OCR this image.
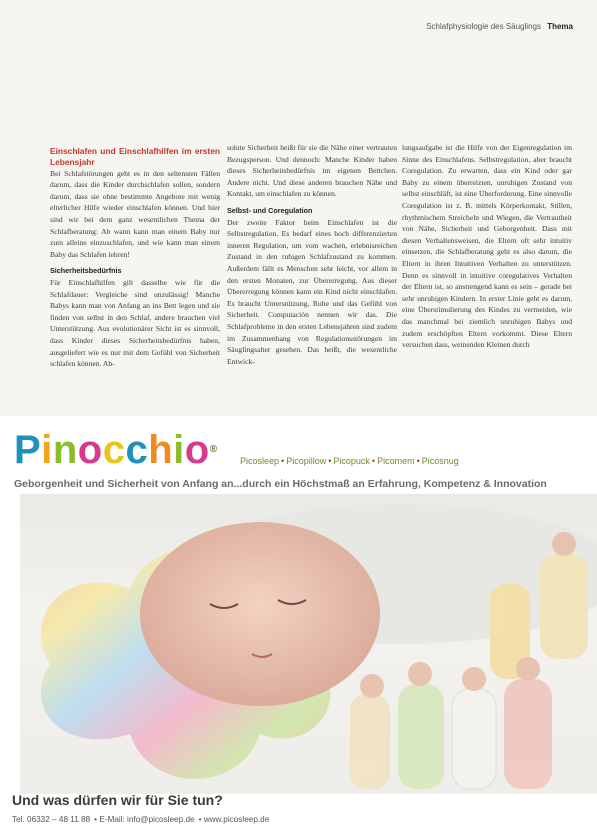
Schlafphysiologie des Säuglings Thema
Einschlafen und Einschlafhilfen im ersten Lebensjahr

Bei Schlafstörungen geht es in den seltensten Fällen darum, dass die Kinder durchschlafen sollen, sondern darum, dass sie ohne bestimmte Angebote mit wenig elterlicher Hilfe wieder einschlafen können. Und hier sind wir bei dem ganz wesentlichen Thema der Schlafberatung: Ab wann kann man einem Baby nur zum alleine einzuschlafen, und wie kann man einem Baby das Schlafen lehren!

Sicherheitsbedürfnis

Für Einschlafhilfen gilt dasselbe wie für die Schlafdauer: Vergleiche sind unzulässig! Manche Babys kann man von Anfang an ins Bett legen und sie finden von selbst in den Schlaf, andere brauchen viel Unterstützung. Aus evolutionärer Sicht ist es sinnvoll, dass Kinder dieses Sicherheitsbedürfnis haben, ausgeliefert wie es nur mit dem Gefühl von Sicherheit schlafen können. Ab-

solute Sicherheit heißt für sie die Nähe einer vertrauten Bezugsperson. Und dennoch: Manche Kinder haben dieses Sicherheitsbedürfnis im eigenen Bettchen. Andere nicht. Und diese anderen brauchen Nähe und Kontakt, um einschlafen zu können.

Selbst- und Coregulation

Der zweite Faktor beim Einschlafen ist die Selbstregulation. Es bedarf eines hoch differenzierten inneren Regulation, um vom wachen, erlebnisreichen Zustand in den ruhigen Schlafzustand zu kommen. Außerdem fällt es Menschen sehr leicht, vor allem in den ersten Monaten, zur Übererregung. Aus dieser Übererregung können kann ein Kind nicht einschlafen. Es braucht Unterstützung, Ruhe und das Gefühl von Sicherheit. Computación nennen wir das. Die Schlafprobleme in den ersten Lebensjahren sind zudem im Zusammenhang von Regulationsstörungen im Säuglingsalter gesehen. Das heißt, die wesentliche Entwick-

lungsaufgabe ist die Hilfe von der Eigenregulation im Sinne des Einschlafens. Selbstregulation, aber braucht Coregulation. Zu erwarten, dass ein Kind oder gar Baby zu einem überreizten, unruhigen Zustand von selbst einschläft, ist eine Überforderung. Eine sinnvolle Coregulation ist z. B. mittels Körperkontakt, Stillen, rhythmischem Streicheln und Wiegen, die Vertrautheit von Nähe, Sicherheit und Geborgenheit. Dass mit diesen Verhaltensweisen, die Eltern oft sehr intuitiv einsetzen, die Schlafberatung geht es also darum, die Eltern in ihren Intuitiven Verhalten zu unterstützen. Denn es sinnvoll in intuitive coregulatives Verhalten der Eltern ist, so anstrengend kann es sein – gerade bei sehr unruhigen Kindern. In erster Linie geht es darum, eine Überstimulierung des Kindes zu vermeiden, wie das manchmal bei ziemlich unruhigen Babys und zudem erschöpften Eltern vorkommt. Diese Eltern versuchen dass, weinenden Kleinen durch

Pinocchio®
Picosleep • Picopillow • Picopuck • Picomem • Picosnug
Geborgenheit und Sicherheit von Anfang an...durch ein Höchstmaß an Erfahrung, Kompetenz & Innovation
Und was dürfen wir für Sie tun?
Tel. 06332 – 48 11 88 • E-Mail: info@picosleep.de • www.picosleep.de
